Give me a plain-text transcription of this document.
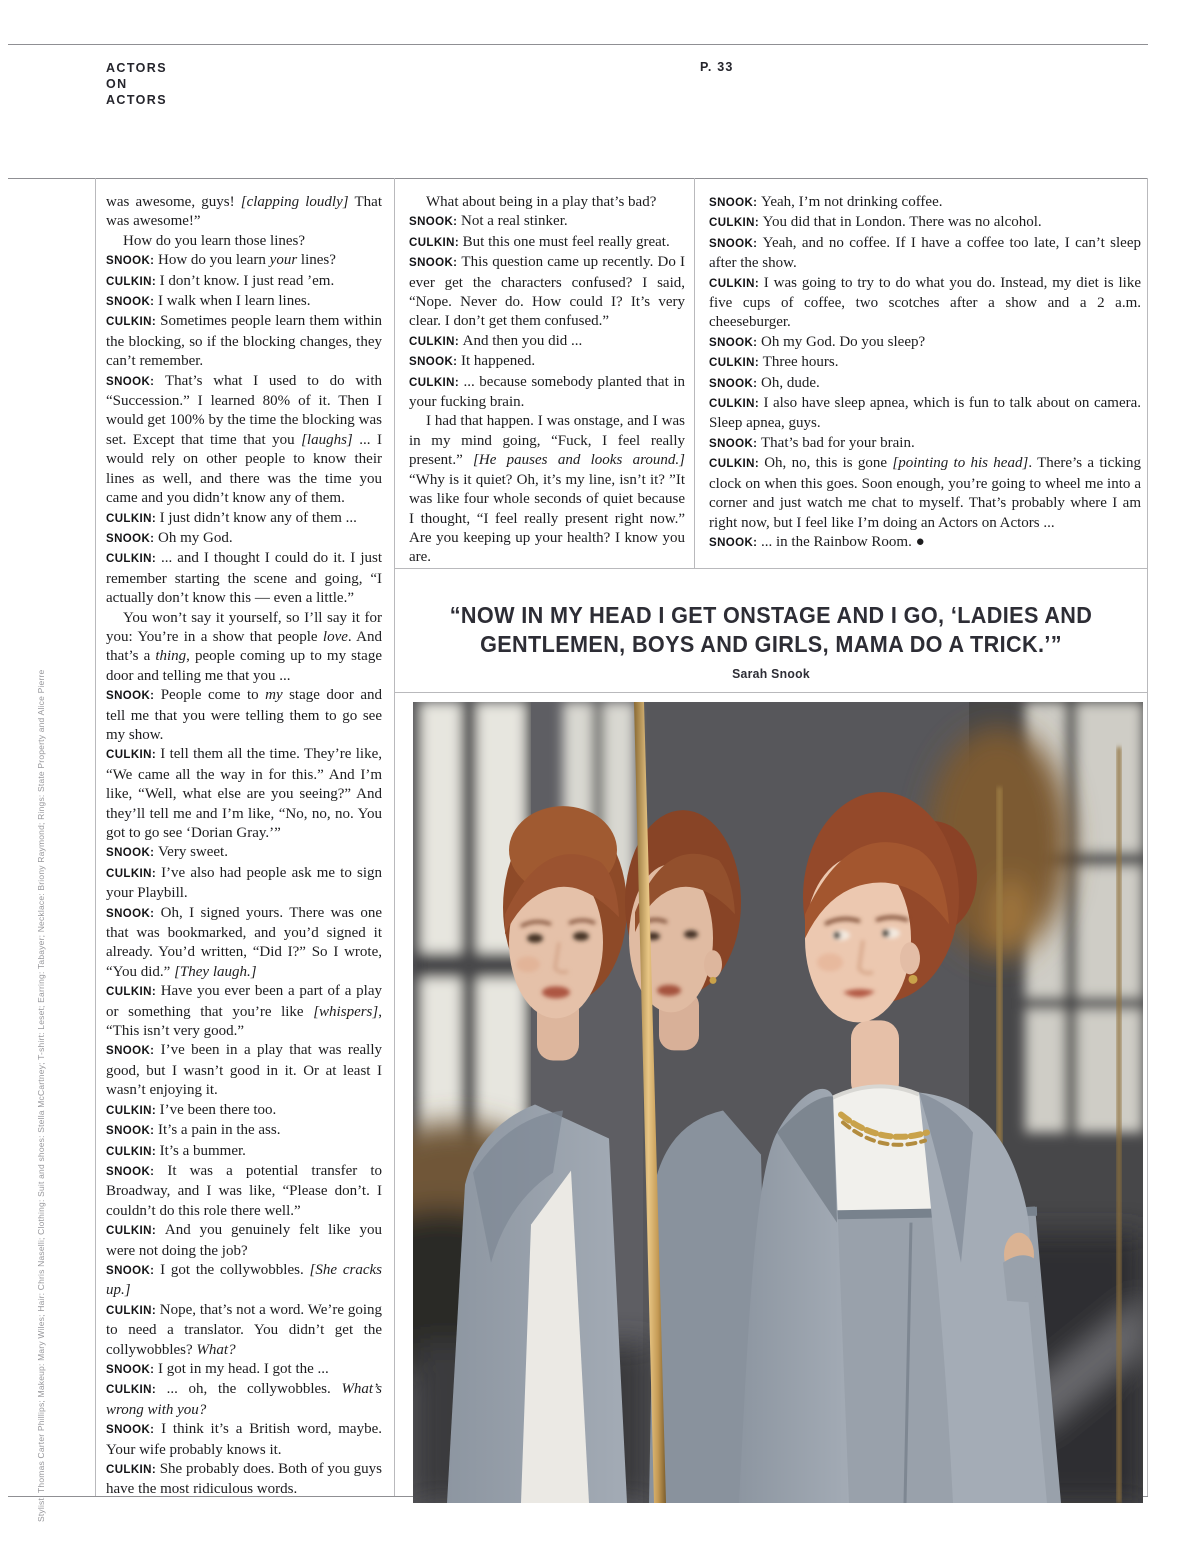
ACTORS
ON
ACTORS
P. 33

was awesome, guys! [clapping loudly] That was awesome!”

How do you learn those lines?

SNOOK: How do you learn your lines?

CULKIN: I don’t know. I just read ’em.

SNOOK: I walk when I learn lines.

CULKIN: Sometimes people learn them within the blocking, so if the blocking changes, they can’t remember.

SNOOK: That’s what I used to do with “Succession.” I learned 80% of it. Then I would get 100% by the time the blocking was set. Except that time that you [laughs] ... I would rely on other people to know their lines as well, and there was the time you came and you didn’t know any of them.

CULKIN: I just didn’t know any of them ...

SNOOK: Oh my God.

CULKIN: ... and I thought I could do it. I just remember starting the scene and going, “I actually don’t know this — even a little.”

You won’t say it yourself, so I’ll say it for you: You’re in a show that people love. And that’s a thing, people coming up to my stage door and telling me that you ...

SNOOK: People come to my stage door and tell me that you were telling them to go see my show.

CULKIN: I tell them all the time. They’re like, “We came all the way in for this.” And I’m like, “Well, what else are you seeing?” And they’ll tell me and I’m like, “No, no, no. You got to go see ‘Dorian Gray.’”

SNOOK: Very sweet.

CULKIN: I’ve also had people ask me to sign your Playbill.

SNOOK: Oh, I signed yours. There was one that was bookmarked, and you’d signed it already. You’d written, “Did I?” So I wrote, “You did.” [They laugh.]

CULKIN: Have you ever been a part of a play or something that you’re like [whispers], “This isn’t very good.”

SNOOK: I’ve been in a play that was really good, but I wasn’t good in it. Or at least I wasn’t enjoying it.

CULKIN: I’ve been there too.

SNOOK: It’s a pain in the ass.

CULKIN: It’s a bummer.

SNOOK: It was a potential transfer to Broadway, and I was like, “Please don’t. I couldn’t do this role there well.”

CULKIN: And you genuinely felt like you were not doing the job?

SNOOK: I got the collywobbles. [She cracks up.]

CULKIN: Nope, that’s not a word. We’re going to need a translator. You didn’t get the collywobbles? What?

SNOOK: I got in my head. I got the ...

CULKIN: ... oh, the collywobbles. What’s wrong with you?

SNOOK: I think it’s a British word, maybe. Your wife probably knows it.

CULKIN: She probably does. Both of you guys have the most ridiculous words.

What about being in a play that’s bad?

SNOOK: Not a real stinker.

CULKIN: But this one must feel really great.

SNOOK: This question came up recently. Do I ever get the characters confused? I said, “Nope. Never do. How could I? It’s very clear. I don’t get them confused.”

CULKIN: And then you did ...

SNOOK: It happened.

CULKIN: ... because somebody planted that in your fucking brain.

I had that happen. I was onstage, and I was in my mind going, “Fuck, I feel really present.” [He pauses and looks around.] “Why is it quiet? Oh, it’s my line, isn’t it? ”It was like four whole seconds of quiet because I thought, “I feel really present right now.” Are you keeping up your health? I know you are.

SNOOK: Yeah, I’m not drinking coffee.

CULKIN: You did that in London. There was no alcohol.

SNOOK: Yeah, and no coffee. If I have a coffee too late, I can’t sleep after the show.

CULKIN: I was going to try to do what you do. Instead, my diet is like five cups of coffee, two scotches after a show and a 2 a.m. cheeseburger.

SNOOK: Oh my God. Do you sleep?

CULKIN: Three hours.

SNOOK: Oh, dude.

CULKIN: I also have sleep apnea, which is fun to talk about on camera. Sleep apnea, guys.

SNOOK: That’s bad for your brain.

CULKIN: Oh, no, this is gone [pointing to his head]. There’s a ticking clock on when this goes. Soon enough, you’re going to wheel me into a corner and just watch me chat to myself. That’s probably where I am right now, but I feel like I’m doing an Actors on Actors ...

SNOOK: ... in the Rainbow Room. ●

“NOW IN MY HEAD I GET ONSTAGE AND I GO, ‘LADIES AND GENTLEMEN, BOYS AND GIRLS, MAMA DO A TRICK.’”

Sarah Snook
Stylist: Thomas Carter Phillips; Makeup: Mary Wiles; Hair: Chris Naselli; Clothing: Suit and shoes: Stella McCartney; T-shirt: Leset; Earring: Tabayer; Necklace: Briony Raymond; Rings: State Property and Alice Pierre
